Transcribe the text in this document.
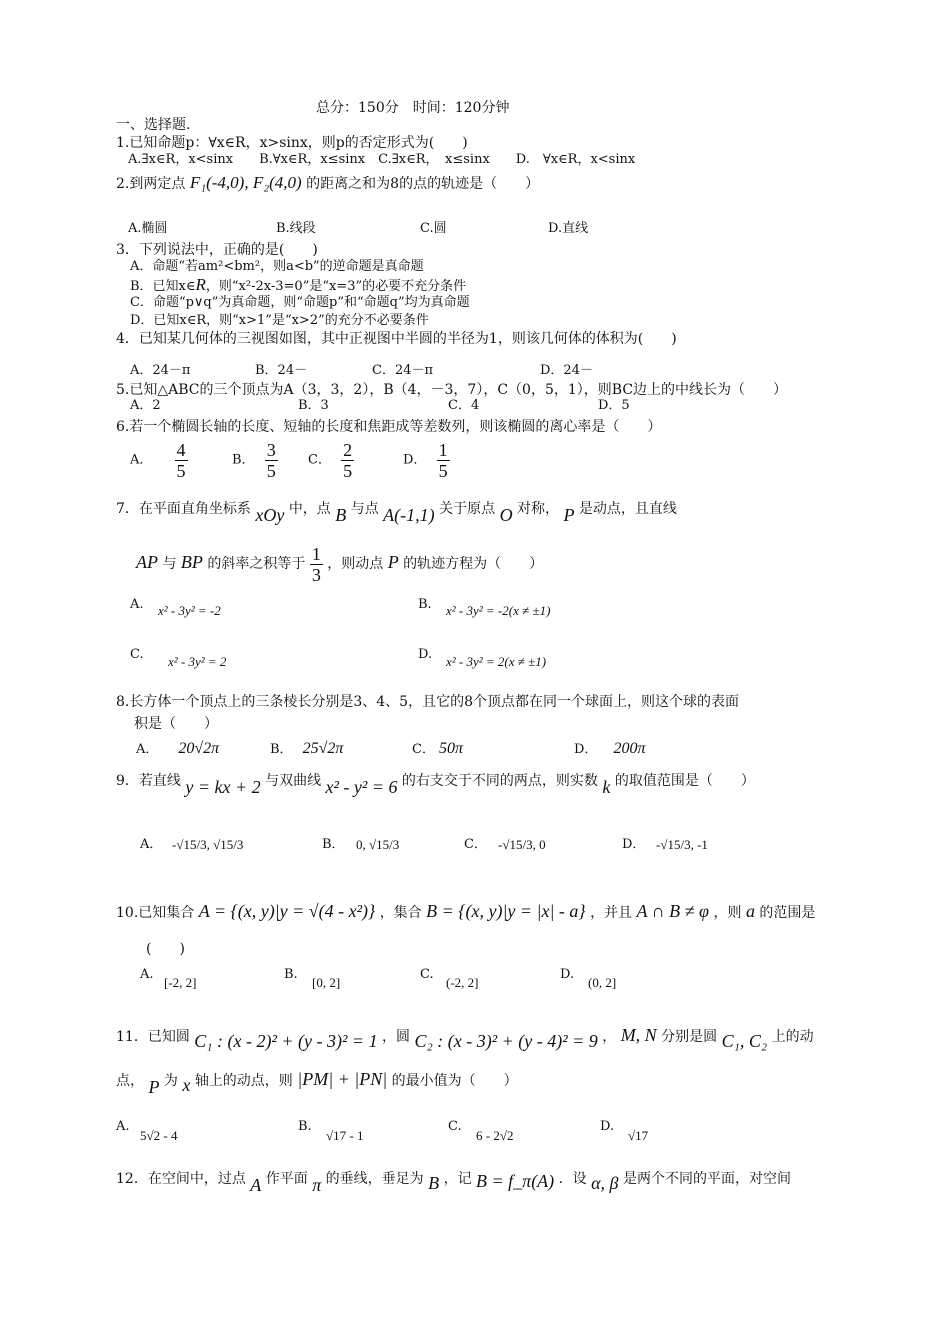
总分：150分　时间：120分钟
一、选择题.
1.已知命题p：∀x∈R，x>sinx，则p的否定形式为(　　)
A.∃x∈R，x<sinx　　B.∀x∈R，x≤sinx　C.∃x∈R，　x≤sinx　　D.　∀x∈R，x<sinx
2.到两定点 F₁(-4,0), F₂(4,0) 的距离之和为8的点的轨迹是（　　）
A.椭圆	B.线段	C.圆	D.直线
3．下列说法中，正确的是(　　)
A．命题“若am²<bm²，则a<b”的逆命题是真命题
B．已知x∈R，则“x²-2x-3=0”是“x=3”的必要不充分条件
C．命题“p∨q”为真命题，则“命题p”和“命题q”均为真命题
D．已知x∈R，则“x>1”是“x>2”的充分不必要条件
4．已知某几何体的三视图如图，其中正视图中半圆的半径为1，则该几何体的体积为(　　)
A．24－π	B．24－	C．24－π	D．24－
5.已知△ABC的三个顶点为A（3，3，2），B（4，－3，7），C（0，5，1），则BC边上的中线长为（　　）
A．2	B．3	C．4	D．5
6.若一个椭圆长轴的长度、短轴的长度和焦距成等差数列，则该椭圆的离心率是（　　）
A． $\frac{4}{5}$	B． $\frac{3}{5}$ C． $\frac{2}{5}$	D． $\frac{1}{5}$
7．在平面直角坐标系 xOy 中，点 B 与点 A(-1,1) 关于原点 O 对称， P 是动点，且直线
AP 与 BP 的斜率之积等于 $\frac{1}{3}$ ，则动点 P 的轨迹方程为（　　）
A. x² - 3y² = -2	B. x² - 3y² = -2(x ≠ ±1)
C. x² - 3y² = 2	D. x² - 3y² = 2(x ≠ ±1)
8.长方体一个顶点上的三条棱长分别是3、4、5，且它的8个顶点都在同一个球面上，则这个球的表面
积是（　　）
A． 20√2π	B． 25√2π	C． 50π	D． 200π
9．若直线 y = kx + 2 与双曲线 x² - y² = 6 的右支交于不同的两点，则实数 k 的取值范围是（　　）
A． -√15/3, √15/3	B． 0, √15/3	C． -√15/3, 0	D． -√15/3, -1
10.已知集合 A = {(x, y)|y = √(4 - x²)} ，集合 B = {(x, y)|y = |x| - a} ，并且 A ∩ B ≠ φ ，则 a 的范围是
(　　)
A.
[-2, 2]
B.
[0, 2]
C.
(-2, 2]
D.
(0, 2]
11．已知圆 C₁ : (x - 2)² + (y - 3)² = 1 ，圆 C₂ : (x - 3)² + (y - 4)² = 9 ， M, N 分别是圆 C₁, C₂ 上的动
点， P 为 x 轴上的动点，则 |PM| + |PN| 的最小值为（　　）
A.
5√2 - 4
B.
√17 - 1
C.
6 - 2√2
D.
√17
12．在空间中，过点 A 作平面 π 的垂线，垂足为 B ，记 B = f_π(A) ．设 α, β 是两个不同的平面，对空间
